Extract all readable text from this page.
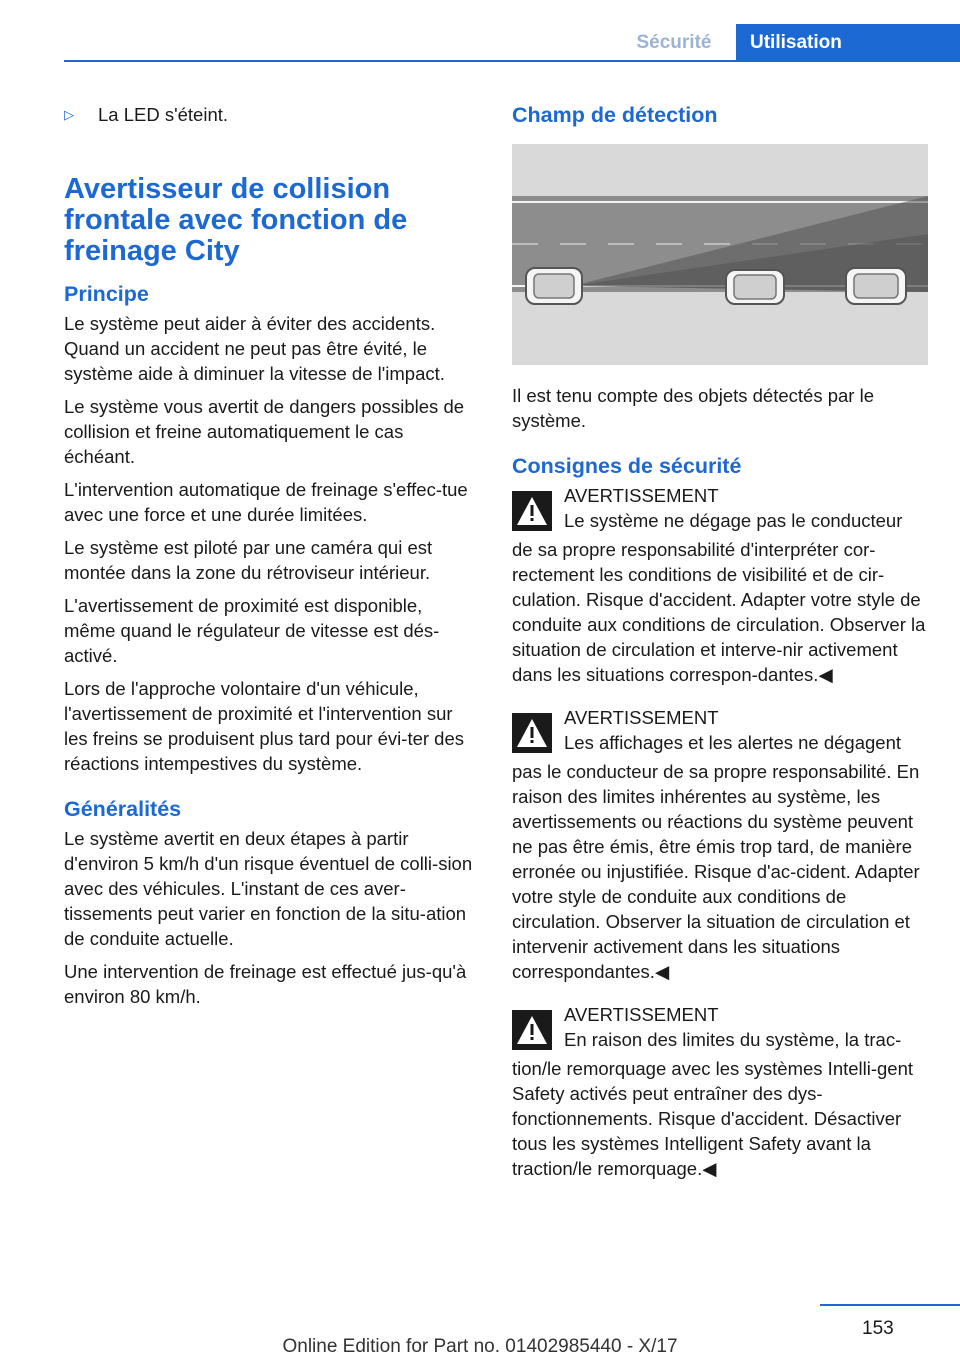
Sécurité	Utilisation
▷	La LED s'éteint.
Avertisseur de collision frontale avec fonction de freinage City
Principe

Le système peut aider à éviter des accidents. Quand un accident ne peut pas être évité, le système aide à diminuer la vitesse de l'impact.

Le système vous avertit de dangers possibles de collision et freine automatiquement le cas échéant.

L'intervention automatique de freinage s'effec-tue avec une force et une durée limitées.

Le système est piloté par une caméra qui est montée dans la zone du rétroviseur intérieur.

L'avertissement de proximité est disponible, même quand le régulateur de vitesse est dés-activé.

Lors de l'approche volontaire d'un véhicule, l'avertissement de proximité et l'intervention sur les freins se produisent plus tard pour évi-ter des réactions intempestives du système.

Généralités

Le système avertit en deux étapes à partir d'environ 5 km/h d'un risque éventuel de colli-sion avec des véhicules. L'instant de ces aver-tissements peut varier en fonction de la situ-ation de conduite actuelle.

Une intervention de freinage est effectué jus-qu'à environ 80 km/h.

Champ de détection

Il est tenu compte des objets détectés par le système.

Consignes de sécurité
AVERTISSEMENT
Le système ne dégage pas le conducteur
de sa propre responsabilité d'interpréter cor-rectement les conditions de visibilité et de cir-culation. Risque d'accident. Adapter votre style de conduite aux conditions de circulation. Observer la situation de circulation et interve-nir activement dans les situations correspon-dantes.◀
AVERTISSEMENT
Les affichages et les alertes ne dégagent
pas le conducteur de sa propre responsabilité. En raison des limites inhérentes au système, les avertissements ou réactions du système peuvent ne pas être émis, être émis trop tard, de manière erronée ou injustifiée. Risque d'ac-cident. Adapter votre style de conduite aux conditions de circulation. Observer la situation de circulation et intervenir activement dans les situations correspondantes.◀
AVERTISSEMENT
En raison des limites du système, la trac-
tion/le remorquage avec les systèmes Intelli-gent Safety activés peut entraîner des dys-fonctionnements. Risque d'accident. Désactiver tous les systèmes Intelligent Safety avant la traction/le remorquage.◀
153
Online Edition for Part no. 01402985440 - X/17
